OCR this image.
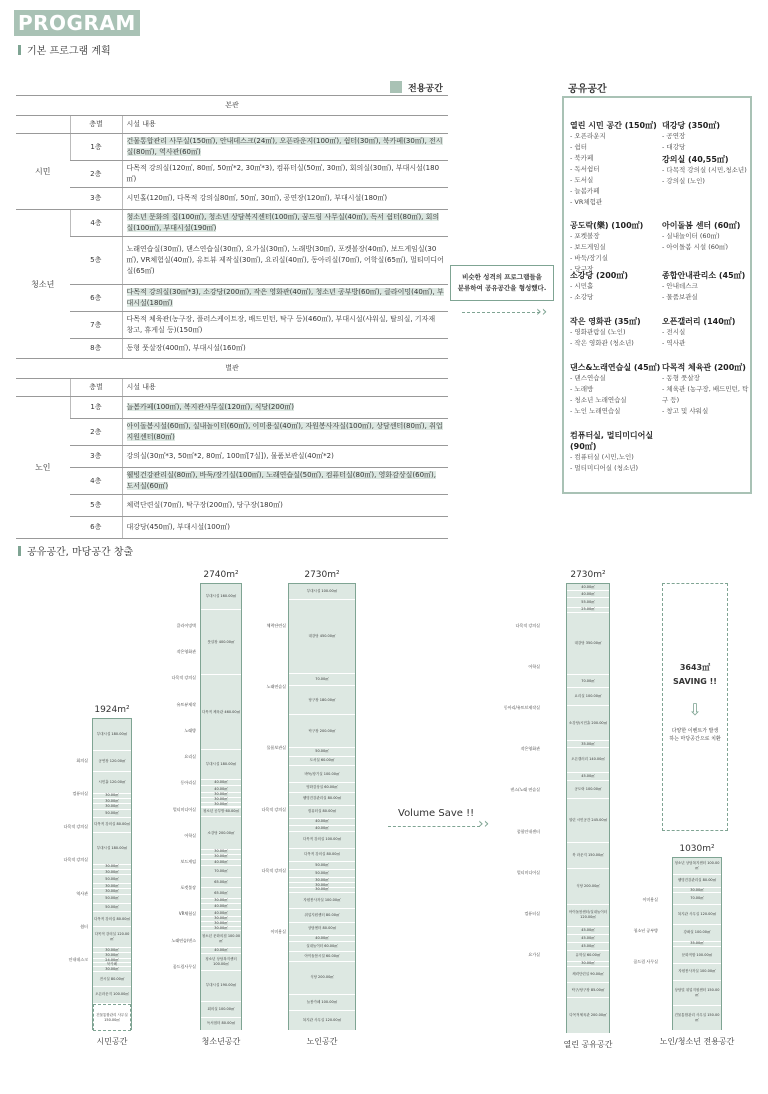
PROGRAM
기본 프로그램 계획
전용공간	공유공간
본관		
	층별	시설 내용
시민	1층	건물통합관리 사무실(150㎡), 안내데스크(24㎡), 오픈라운지(100㎡), 쉼터(30㎡), 북카페(30㎡), 전시실(80㎡), 역사관(60㎡)
	2층	다목적 강의실(120㎡, 80㎡, 50㎡*2, 30㎡*3), 컴퓨터실(50㎡, 30㎡), 회의실(30㎡), 부대시설(180㎡)
	3층	시민홀(120㎡), 다목적 강의실80㎡, 50㎡, 30㎡), 공연장(120㎡), 부대시설(180㎡)
청소년	4층	청소년 문화의 집(100㎡), 청소년 상담복지센터(100㎡), 꿈드림 사무실(40㎡), 독서 쉼터(80㎡), 회의실(100㎡), 부대시설(190㎡)
	5층	노래연습실(30㎡), 댄스연습실(30㎡), 요가실(30㎡), 노래방(30㎡), 포켓볼장(40㎡), 보드게임실(30㎡), VR체험실(40㎡), 유트뷰 제작실(30㎡), 요리실(40㎡), 동아리실(70㎡), 어학실(65㎡), 멀티미디어실(65㎡)
	6층	다목적 강의실(30㎡*3), 소강당(200㎡), 작은 영화관(40㎡), 청소년 공부방(60㎡), 클라이밍(40㎡), 부대시설(180㎡)
	7층	다목적 체육관(농구장, 플러스케이트장, 배드민턴, 탁구 등)(460㎡), 부대시설(샤워실, 탈의실, 기자재 창고, 휴게실 등)(150㎡)
	8층	동형 풋살장(400㎡), 부대시설(160㎡)
별관		
	층별	시설 내용
노인	1층	늘봄카페(100㎡), 복지관사무실(120㎡), 식당(200㎡)
	2층	아이돌봄시설(60㎡), 실내놀이터(60㎡), 이미용실(40㎡), 자원봉사자실(100㎡), 상담센터(80㎡), 취업지원센터(80㎡)
	3층	강의실(30㎡*3, 50㎡*2, 80㎡, 100㎡[7실]), 물품보관실(40㎡*2)
	4층	웰빙건강관리실(80㎡), 바둑/장기실(100㎡), 노래연습실(50㎡), 컴퓨터실(80㎡), 영화감상실(60㎡), 도서실(60㎡)
	5층	체력단련실(70㎡), 탁구장(200㎡), 당구장(180㎡)
	6층	대강당(450㎡), 부대시설(100㎡)
비슷한 성격의 프로그램들을
분류하여 공유공간을 형성했다.
››
열린 시민 공간 (150㎡)
- 오픈라운지
- 쉼터
- 북카페
- 독서쉼터
- 도서실
- 늘봄카페
- VR체험관
공도락(樂) (100㎡)
- 포켓볼장
- 보드게임실
- 바둑/장기실
- 당구장
소강당 (200㎡)
- 시민홀
- 소강당
작은 영화관 (35㎡)
- 영화관람실 (노인)
- 작은 영화관 (청소년)
댄스&노래연습실 (45㎡)
- 댄스연습실
- 노래방
- 청소년 노래연습실
- 노인 노래연습실
컴퓨터실, 멀티미디어실 (90㎡)
- 컴퓨터실 (시민,노인)
- 멀티미디어실 (청소년)
대강당 (350㎡)
- 공연장
- 대강당
강의실 (40,55㎡)
- 다목적 강의실 (시민,청소년)
- 강의실 (노인)
아이돌봄 센터 (60㎡)
- 실내놀이터 (60㎡)
- 아이돌봄 시설 (60㎡)
종합안내관리소 (45㎡)
- 안내데스크
- 물품보관실
오픈갤러리 (140㎡)
- 전시실
- 역사관
다목적 체육관 (200㎡)
- 동형 풋살장
- 체육관 (농구장, 배드민턴, 탁구 등)
- 창고 및 샤워실
공유공간, 마당공간 창출
1924m²
부대시설 180.00㎡
공연장 120.00㎡
시민홀 120.00㎡
30.00㎡
30.00㎡
30.00㎡
50.00㎡
다목적 강의실 80.00㎡
부대시설 180.00㎡
30.00㎡
30.00㎡
50.00㎡
30.00㎡
30.00㎡
50.00㎡
50.00㎡
다목적 강의실 80.00㎡
다목적 강의실 120.00㎡
30.00㎡
30.00㎡
24.00㎡
북카페
30.00㎡
전시실 80.00㎡
오픈라운지 100.00㎡
건물통합관리 사무실 150.00㎡
회의실
컴퓨터실
다목적 강의실
다목적 강의실
역사관
쉼터
안내데스크
시민공간
2740m²
부대시설 160.00㎡
풋살장 400.00㎡
다목적 체육관 460.00㎡
부대시설 180.00㎡
40.00㎡
40.00㎡
30.00㎡
30.00㎡
30.00㎡
청소년 공부방 60.00㎡
소강당 200.00㎡
30.00㎡
30.00㎡
40.00㎡
70.00㎡
65.00㎡
65.00㎡
30.00㎡
40.00㎡
40.00㎡
30.00㎡
30.00㎡
30.00㎡
청소년 문화의집 100.00㎡
40.00㎡
청소년 상담복지센터 100.00㎡
부대시설 190.00㎡
회의실 100.00㎡
독서쉼터 80.00㎡
클라이밍벽
작은영화관
다목적 강의실
유트뷰제작
노래방
요리실
동아리실
멀티미디어실
어학실
보드게임
포켓볼장
VR체험실
노래연습/댄스
꿈드림사무실
청소년공간
2730m²
부대시설 100.00㎡
대강당 450.00㎡
70.00㎡
당구장 180.00㎡
탁구장 200.00㎡
50.00㎡
도서실 60.00㎡
바둑/장기실 100.00㎡
영화감상실 60.00㎡
웰빙건강관리실 80.00㎡
컴퓨터실 80.00㎡
40.00㎡
40.00㎡
다목적 강의실 100.00㎡
다목적 강의실 80.00㎡
50.00㎡
50.00㎡
30.00㎡
30.00㎡
30.00㎡
자원봉사자실 100.00㎡
취업지원센터 80.00㎡
상담센터 80.00㎡
40.00㎡
실내놀이터 60.00㎡
아이돌봄시설 60.00㎡
식당 200.00㎡
늘봄카페 100.00㎡
복지관 사무실 120.00㎡
체력단련실
노래연습실
물품보관실
다목적 강의실
다목적 강의실
이미용실
노인공간
2730m²
40.00㎡
40.00㎡
55.00㎡
25.00㎡
대강당 350.00㎡
70.00㎡
요리실 100.00㎡
소강당/시민홀 200.00㎡
35.00㎡
오픈갤러리 140.00㎡
45.00㎡
공도락 100.00㎡
열린 시민공간 245.00㎡
북 라운지 150.00㎡
식당 200.00㎡
아이돌봄센터/실내놀이터 120.00㎡
45.00㎡
45.00㎡
45.00㎡
유학실 60.00㎡
30.00㎡
체력단련실 90.00㎡
탁구/당구장 85.00㎡
다목적체육관 200.00㎡
다목적 강의실
어학실
동아리/유트브제작실
작은영화관
댄스/노래 연습실
종합안내센터
멀티미디어실
컴퓨터실
요가실
열린 공유공간
1030m²
청소년 상담복지센터 100.00㎡
웰빙건강관리실 80.00㎡
30.00㎡
70.00㎡
복지관 사무실 120.00㎡
강좌실 100.00㎡
35.00㎡
문화적합 100.00㎡
자원봉사자실 100.00㎡
상담및 취업지원센터 150.00㎡
건물통합관리 사무실 150.00㎡
이미용실
청소년 공부방
꿈드림 사무실
노인/청소년 전용공간
Volume Save !!
››
3643㎡
SAVING !!
⇩
다양한 이벤트가 발생
하는 마당공간으로 치환
